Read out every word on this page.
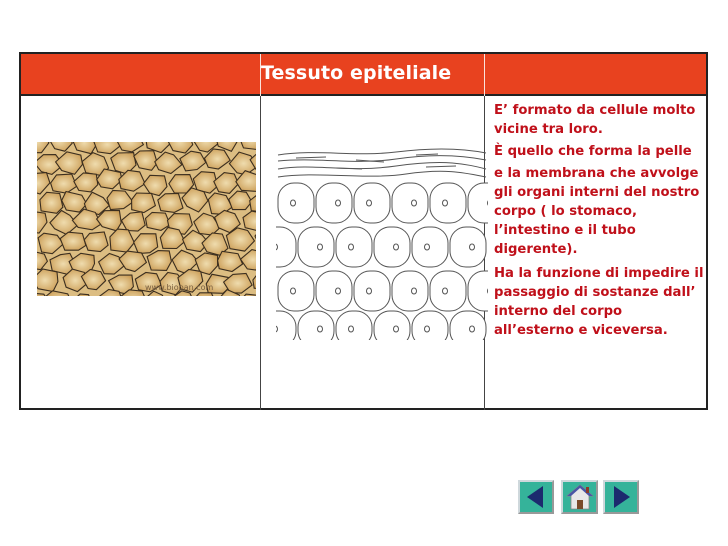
Tessuto epiteliale
www.biopan.com

E’ formato da cellule molto vicine tra loro.

È quello che forma la pelle

e la membrana che avvolge gli organi interni del nostro corpo ( lo stomaco, l’intestino e il tubo digerente).

Ha la funzione di impedire il passaggio di sostanze dall’ interno del corpo all’esterno e viceversa.
